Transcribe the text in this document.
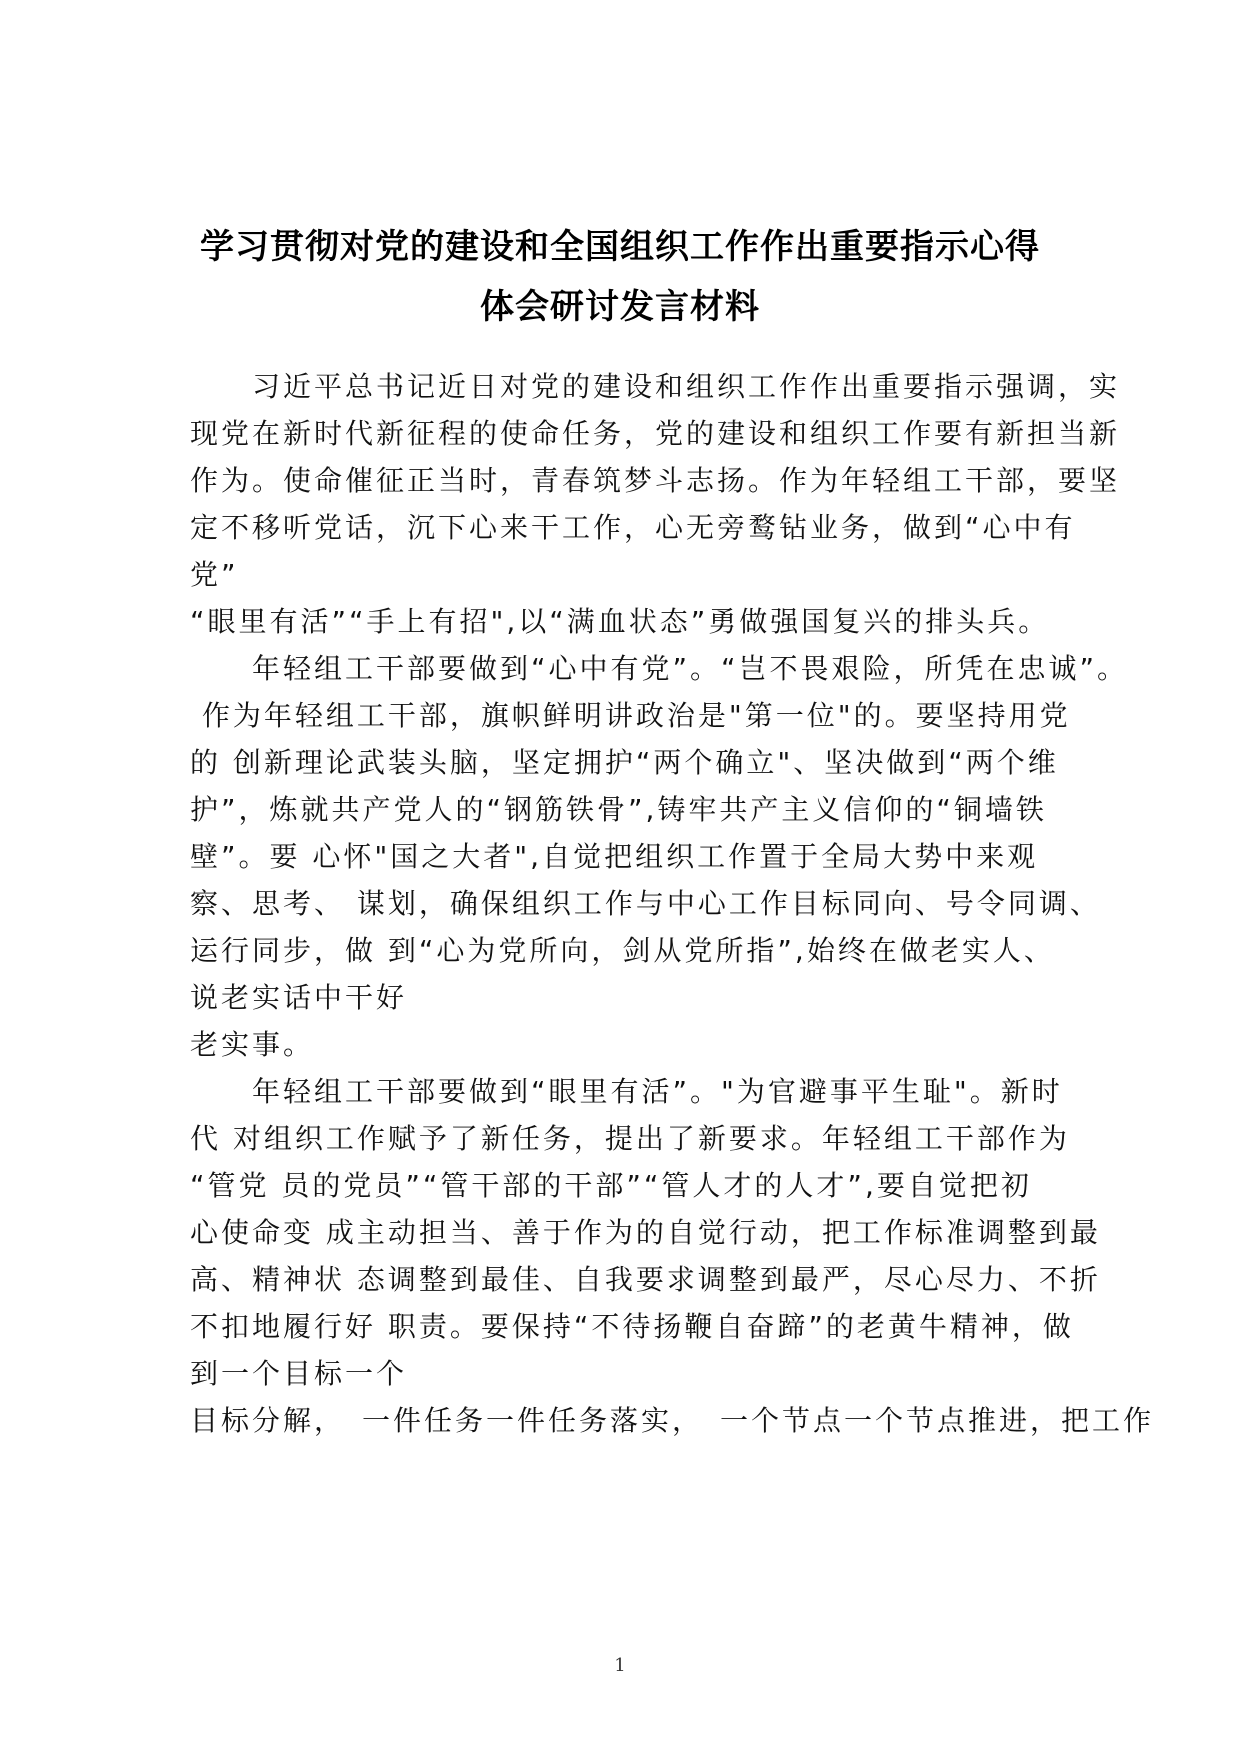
学习贯彻对党的建设和全国组织工作作出重要指示心得
体会研讨发言材料
　　习近平总书记近日对党的建设和组织工作作出重要指示强调，实
现党在新时代新征程的使命任务，党的建设和组织工作要有新担当新
作为。使命催征正当时，青春筑梦斗志扬。作为年轻组工干部，要坚
定不移听党话，沉下心来干工作，心无旁鹜钻业务，做到“心中有
党”
“眼里有活”“手上有招",以“满血状态”勇做强国复兴的排头兵。
　　年轻组工干部要做到“心中有党”。“岂不畏艰险，所凭在忠诚”。
作为年轻组工干部，旗帜鲜明讲政治是"第一位"的。要坚持用党
的 创新理论武装头脑，坚定拥护“两个确立"、坚决做到“两个维
护”，炼就共产党人的“钢筋铁骨”,铸牢共产主义信仰的“铜墙铁
壁”。要 心怀"国之大者",自觉把组织工作置于全局大势中来观
察、思考、 谋划，确保组织工作与中心工作目标同向、号令同调、
运行同步，做 到“心为党所向，剑从党所指”,始终在做老实人、
说老实话中干好
老实事。
　　年轻组工干部要做到“眼里有活”。"为官避事平生耻"。新时
代 对组织工作赋予了新任务，提出了新要求。年轻组工干部作为
“管党 员的党员”“管干部的干部”“管人才的人才”,要自觉把初
心使命变 成主动担当、善于作为的自觉行动，把工作标准调整到最
高、精神状 态调整到最佳、自我要求调整到最严，尽心尽力、不折
不扣地履行好 职责。要保持“不待扬鞭自奋蹄”的老黄牛精神，做
到一个目标一个
目标分解，　一件任务一件任务落实，　一个节点一个节点推进，把工作
1
